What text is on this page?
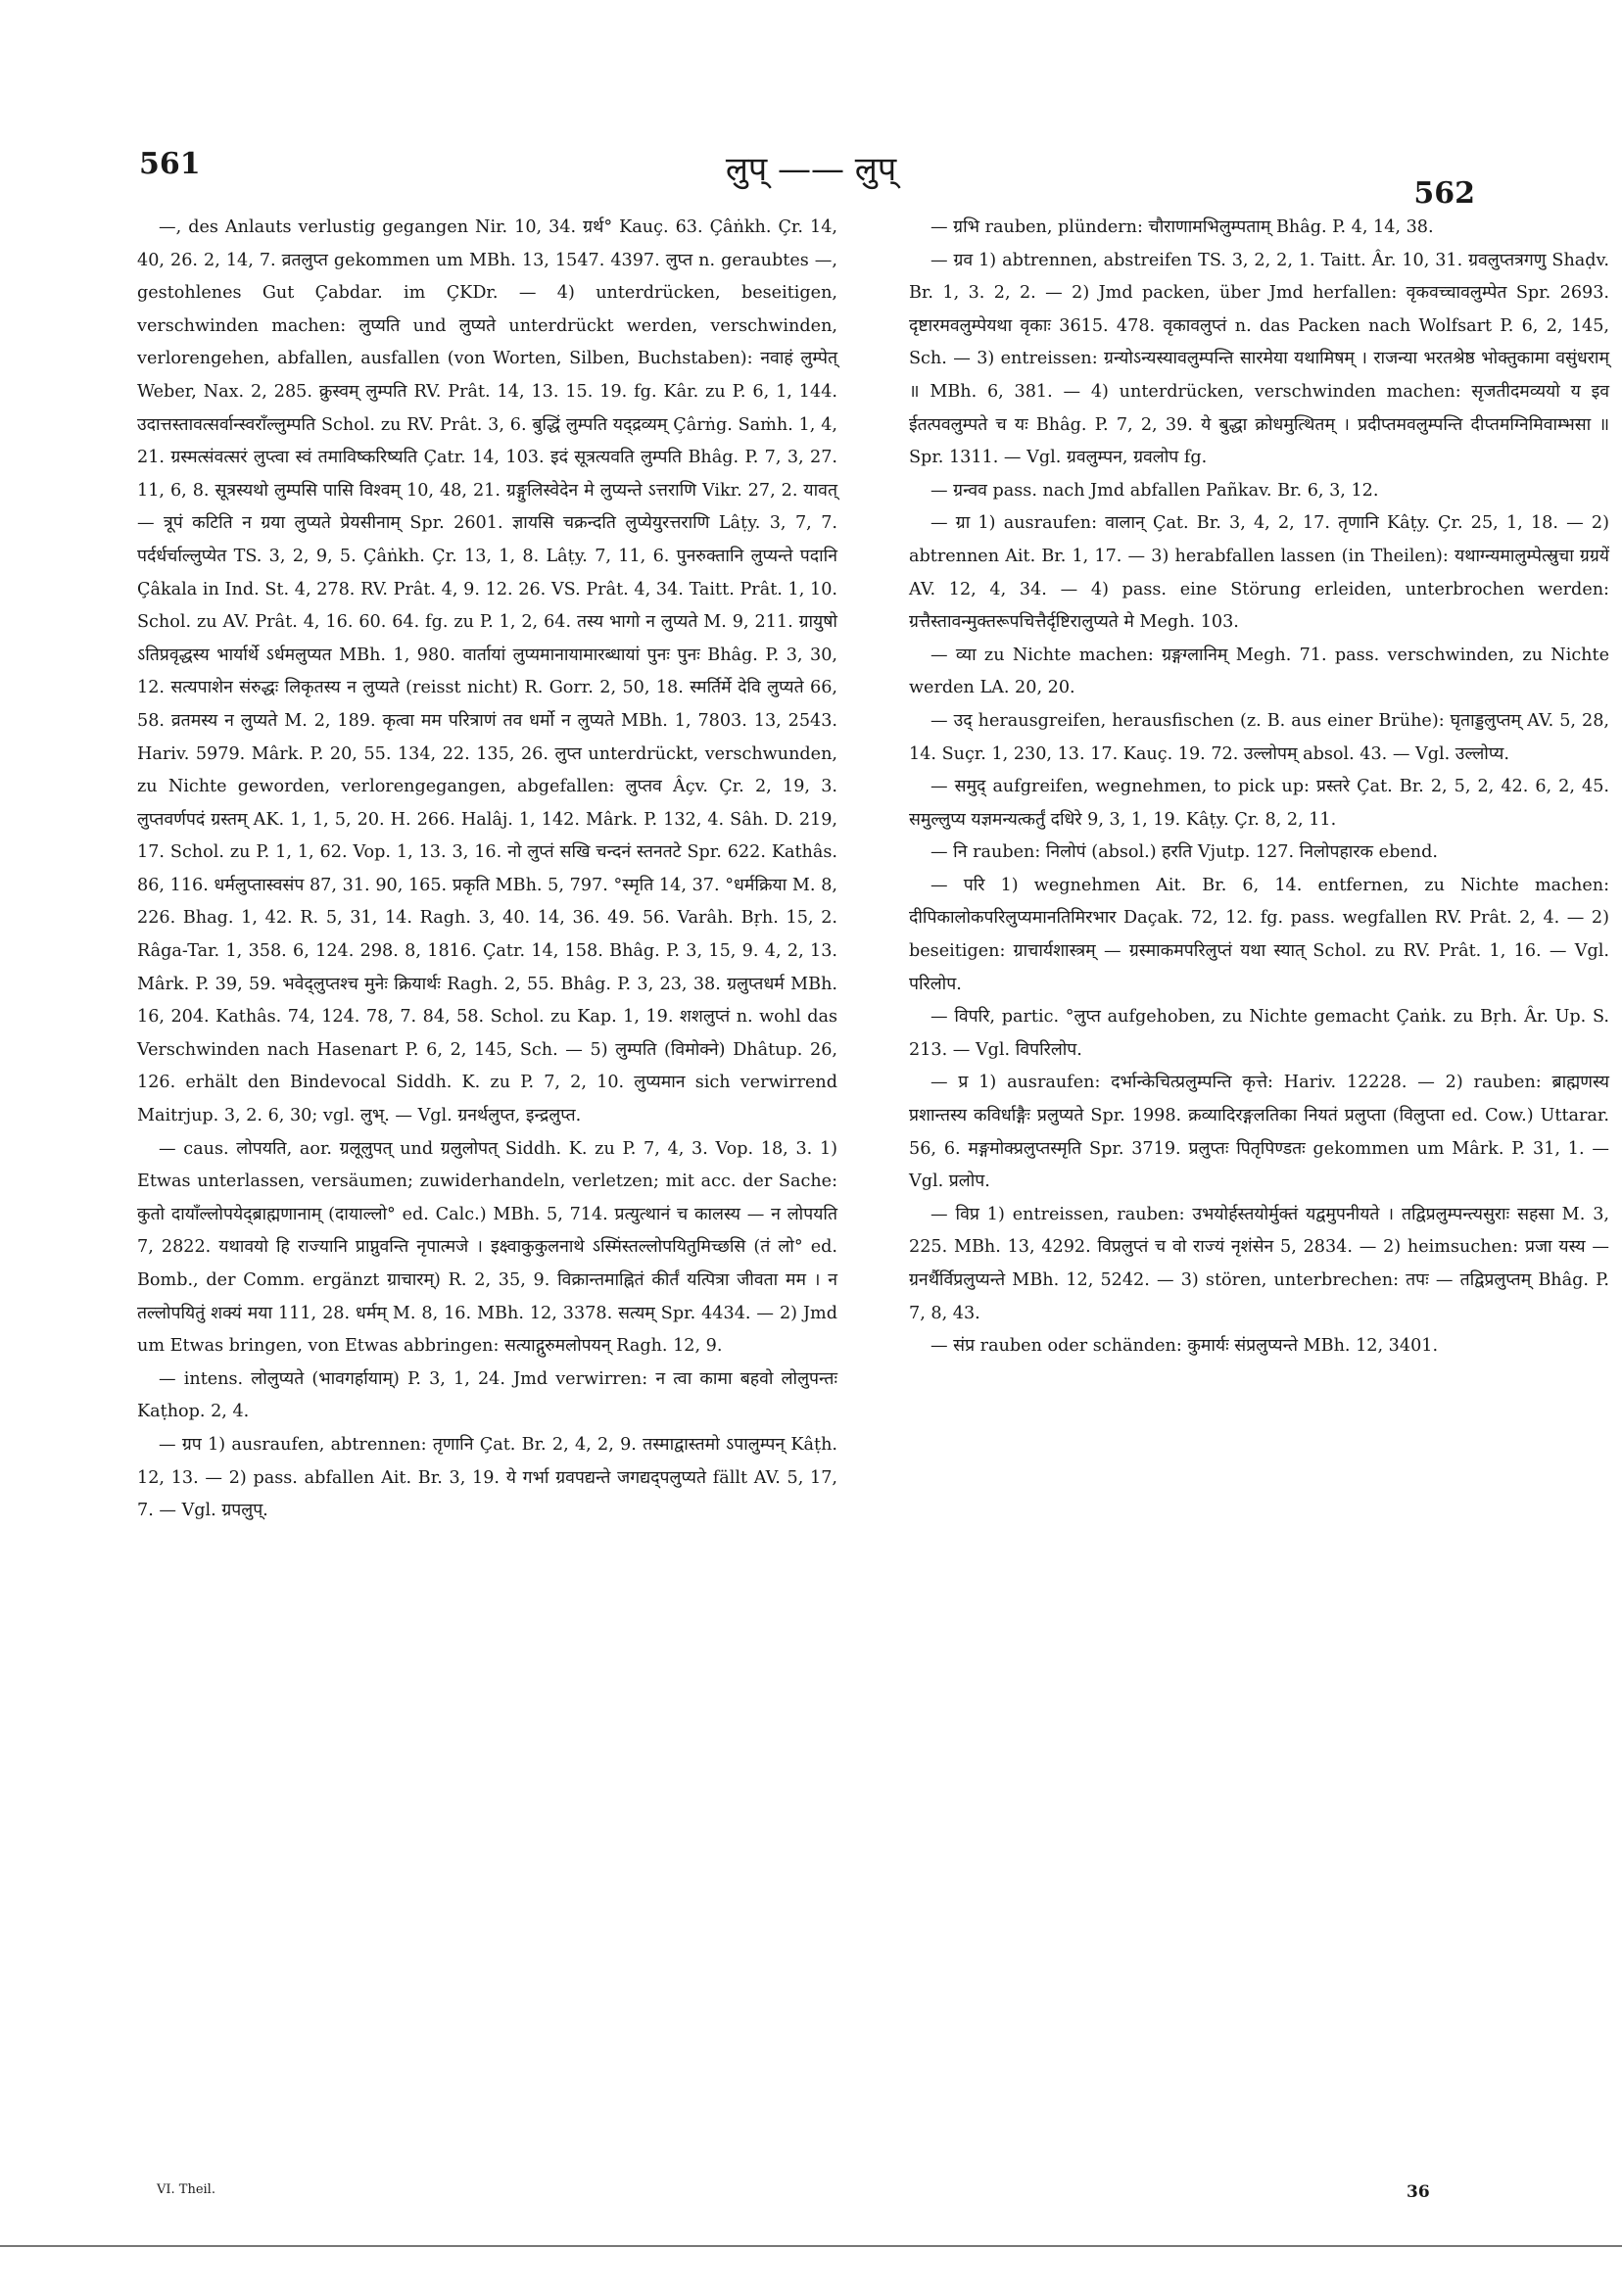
561	लुप् —— लुप्
562

—, des Anlauts verlustig gegangen Nir. 10, 34. ग्रर्थ° Kauç. 63. Çâṅkh. Çr. 14, 40, 26. 2, 14, 7. व्रतलुप्त gekommen um MBh. 13, 1547. 4397. लुप्त n. geraubtes —, gestohlenes Gut Çabdar. im ÇKDr. — 4) unterdrücken, beseitigen, verschwinden machen: लुप्यति und लुप्यते unterdrückt werden, verschwinden, verlorengehen, abfallen, ausfallen (von Worten, Silben, Buchstaben): नवाहं लुम्पेत् Weber, Nax. 2, 285. क्रुस्वम् लुम्पति RV. Prât. 14, 13. 15. 19. fg. Kâr. zu P. 6, 1, 144. उदात्तस्तावत्सर्वान्स्वराँल्लुम्पति Schol. zu RV. Prât. 3, 6. बुद्धिं लुम्पति यद्द्रव्यम् Çârṅg. Saṁh. 1, 4, 21. ग्रस्मत्संवत्सरं लुप्त्वा स्वं तमाविष्करिष्यति Çatr. 14, 103. इदं सूत्रत्यवति लुम्पति Bhâg. P. 7, 3, 27. 11, 6, 8. सूत्रस्यथो लुम्पसि पासि विश्वम् 10, 48, 21. ग्रङ्गुलिस्वेदेन मे लुप्यन्ते ऽत्तराणि Vikr. 27, 2. यावत् — त्रूपं कटिति न ग्रया लुप्यते प्रेयसीनाम् Spr. 2601. ज्ञायसि चक्रन्दति लुप्येयुरत्तराणि Lâṭy. 3, 7, 7. पर्दर्धर्चाल्लुप्येत TS. 3, 2, 9, 5. Çâṅkh. Çr. 13, 1, 8. Lâṭy. 7, 11, 6. पुनरुक्तानि लुप्यन्ते पदानि Çâkala in Ind. St. 4, 278. RV. Prât. 4, 9. 12. 26. VS. Prât. 4, 34. Taitt. Prât. 1, 10. Schol. zu AV. Prât. 4, 16. 60. 64. fg. zu P. 1, 2, 64. तस्य भागो न लुप्यते M. 9, 211. ग्रायुषो ऽतिप्रवृद्धस्य भार्यार्थे ऽर्धमलुप्यत MBh. 1, 980. वार्तायां लुप्यमानायामारब्धायां पुनः पुनः Bhâg. P. 3, 30, 12. सत्यपाशेन संरुद्धः लिकृतस्य न लुप्यते (reisst nicht) R. Gorr. 2, 50, 18. स्मर्तिर्मे देवि लुप्यते 66, 58. व्रतमस्य न लुप्यते M. 2, 189. कृत्वा मम परित्राणं तव धर्मो न लुप्यते MBh. 1, 7803. 13, 2543. Hariv. 5979. Mârk. P. 20, 55. 134, 22. 135, 26. लुप्त unterdrückt, verschwunden, zu Nichte geworden, verlorengegangen, abgefallen: लुप्तव Âçv. Çr. 2, 19, 3. लुप्तवर्णपदं ग्रस्तम् AK. 1, 1, 5, 20. H. 266. Halâj. 1, 142. Mârk. P. 132, 4. Sâh. D. 219, 17. Schol. zu P. 1, 1, 62. Vop. 1, 13. 3, 16. नो लुप्तं सखि चन्दनं स्तनतटे Spr. 622. Kathâs. 86, 116. धर्मलुप्तास्वसंप 87, 31. 90, 165. प्रकृति MBh. 5, 797. °स्मृति 14, 37. °धर्मक्रिया M. 8, 226. Bhag. 1, 42. R. 5, 31, 14. Ragh. 3, 40. 14, 36. 49. 56. Varâh. Bṛh. 15, 2. Râga-Tar. 1, 358. 6, 124. 298. 8, 1816. Çatr. 14, 158. Bhâg. P. 3, 15, 9. 4, 2, 13. Mârk. P. 39, 59. भवेद्लुप्तश्च मुनेः क्रियार्थः Ragh. 2, 55. Bhâg. P. 3, 23, 38. ग्रलुप्तधर्म MBh. 16, 204. Kathâs. 74, 124. 78, 7. 84, 58. Schol. zu Kap. 1, 19. शशलुप्तं n. wohl das Verschwinden nach Hasenart P. 6, 2, 145, Sch. — 5) लुम्पति (विमोक्ने) Dhâtup. 26, 126. erhält den Bindevocal Siddh. K. zu P. 7, 2, 10. लुप्यमान sich verwirrend Maitrjup. 3, 2. 6, 30; vgl. लुभ्. — Vgl. ग्रनर्थलुप्त, इन्द्रलुप्त.

— caus. लोपयति, aor. ग्रलूलुपत् und ग्रलुलोपत् Siddh. K. zu P. 7, 4, 3. Vop. 18, 3. 1) Etwas unterlassen, versäumen; zuwiderhandeln, verletzen; mit acc. der Sache: कुतो दायाँल्लोपयेद्ब्राह्मणानाम् (दायाल्लो° ed. Calc.) MBh. 5, 714. प्रत्युत्थानं च कालस्य — न लोपयति 7, 2822. यथावयो हि राज्यानि प्राप्नुवन्ति नृपात्मजे । इक्ष्वाकुकुलनाथे ऽस्मिंस्तल्लोपयितुमिच्छसि (तं लो° ed. Bomb., der Comm. ergänzt ग्राचारम्) R. 2, 35, 9. विक्रान्तमाह्नितं कीर्तं यत्पित्रा जीवता मम । न तल्लोपयितुं शक्यं मया 111, 28. धर्मम् M. 8, 16. MBh. 12, 3378. सत्यम् Spr. 4434. — 2) Jmd um Etwas bringen, von Etwas abbringen: सत्याद्गुरुमलोपयन् Ragh. 12, 9.

— intens. लोलुप्यते (भावगर्हायाम्) P. 3, 1, 24. Jmd verwirren: न त्वा कामा बहवो लोलुपन्तः Kaṭhop. 2, 4.

— ग्रप 1) ausraufen, abtrennen: तृणानि Çat. Br. 2, 4, 2, 9. तस्माद्वास्तमो ऽपालुम्पन् Kâṭh. 12, 13. — 2) pass. abfallen Ait. Br. 3, 19. ये गर्भा ग्रवपद्यन्ते जगद्यद्पलुप्यते fällt AV. 5, 17, 7. — Vgl. ग्रपलुप्.

— ग्रभि rauben, plündern: चौराणामभिलुम्पताम् Bhâg. P. 4, 14, 38.

— ग्रव 1) abtrennen, abstreifen TS. 3, 2, 2, 1. Taitt. Âr. 10, 31. ग्रवलुप्तत्रगणु Shaḍv. Br. 1, 3. 2, 2. — 2) Jmd packen, über Jmd herfallen: वृकवच्चावलुम्पेत Spr. 2693. दृष्टारमवलुम्पेयथा वृकाः 3615. 478. वृकावलुप्तं n. das Packen nach Wolfsart P. 6, 2, 145, Sch. — 3) entreissen: ग्रन्योऽन्यस्यावलुम्पन्ति सारमेया यथामिषम् । राजन्या भरतश्रेष्ठ भोक्तुकामा वसुंधराम् ॥ MBh. 6, 381. — 4) unterdrücken, verschwinden machen: सृजतीदमव्ययो य इव ईतत्पवलुम्पते च यः Bhâg. P. 7, 2, 39. ये बुद्धा क्रोधमुत्थितम् । प्रदीप्तमवलुम्पन्ति दीप्तमग्निमिवाम्भसा ॥ Spr. 1311. — Vgl. ग्रवलुम्पन, ग्रवलोप fg.

— ग्रन्वव pass. nach Jmd abfallen Pañkav. Br. 6, 3, 12.

— ग्रा 1) ausraufen: वालान् Çat. Br. 3, 4, 2, 17. तृणानि Kâṭy. Çr. 25, 1, 18. — 2) abtrennen Ait. Br. 1, 17. — 3) herabfallen lassen (in Theilen): यथाग्न्यमालुम्पेत्स्रुचा ग्रग्रयें AV. 12, 4, 34. — 4) pass. eine Störung erleiden, unterbrochen werden: ग्रत्तैस्तावन्मुक्तरूपचित्तैर्दृष्टिरालुप्यते मे Megh. 103.

— व्या zu Nichte machen: ग्रङ्गग्लानिम् Megh. 71. pass. verschwinden, zu Nichte werden LA. 20, 20.

— उद् herausgreifen, herausfischen (z. B. aus einer Brühe): घृताड्डलुप्तम् AV. 5, 28, 14. Suçr. 1, 230, 13. 17. Kauç. 19. 72. उल्लोपम् absol. 43. — Vgl. उल्लोप्य.

— समुद् aufgreifen, wegnehmen, to pick up: प्रस्तरे Çat. Br. 2, 5, 2, 42. 6, 2, 45. समुल्लुप्य यज्ञमन्यत्कर्तुं दधिरे 9, 3, 1, 19. Kâṭy. Çr. 8, 2, 11.

— नि rauben: निलोपं (absol.) हरति Vjutp. 127. निलोपहारक ebend.

— परि 1) wegnehmen Ait. Br. 6, 14. entfernen, zu Nichte machen: दीपिकालोकपरिलुप्यमानतिमिरभार Daçak. 72, 12. fg. pass. wegfallen RV. Prât. 2, 4. — 2) beseitigen: ग्राचार्यशास्त्रम् — ग्रस्माकमपरिलुप्तं यथा स्यात् Schol. zu RV. Prât. 1, 16. — Vgl. परिलोप.

— विपरि, partic. °लुप्त aufgehoben, zu Nichte gemacht Çaṅk. zu Bṛh. Âr. Up. S. 213. — Vgl. विपरिलोप.

— प्र 1) ausraufen: दर्भान्केचित्प्रलुम्पन्ति कृत्ते: Hariv. 12228. — 2) rauben: ब्राह्मणस्य प्रशान्तस्य कविर्धाङ्गैः प्रलुप्यते Spr. 1998. क्रव्यादिरङ्गलतिका नियतं प्रलुप्ता (विलुप्ता ed. Cow.) Uttarar. 56, 6. मङ्गमोक्प्रलुप्तस्मृति Spr. 3719. प्रलुप्तः पितृपिण्डतः gekommen um Mârk. P. 31, 1. — Vgl. प्रलोप.

— विप्र 1) entreissen, rauben: उभयोर्हस्तयोर्मुक्तं यद्वमुपनीयते । तद्विप्रलुम्पन्त्यसुराः सहसा M. 3, 225. MBh. 13, 4292. विप्रलुप्तं च वो राज्यं नृशंसेन 5, 2834. — 2) heimsuchen: प्रजा यस्य — ग्रनर्थैर्विप्रलुप्यन्ते MBh. 12, 5242. — 3) stören, unterbrechen: तपः — तद्विप्रलुप्तम् Bhâg. P. 7, 8, 43.

— संप्र rauben oder schänden: कुमार्यः संप्रलुप्यन्ते MBh. 12, 3401.

VI. Theil.	36
